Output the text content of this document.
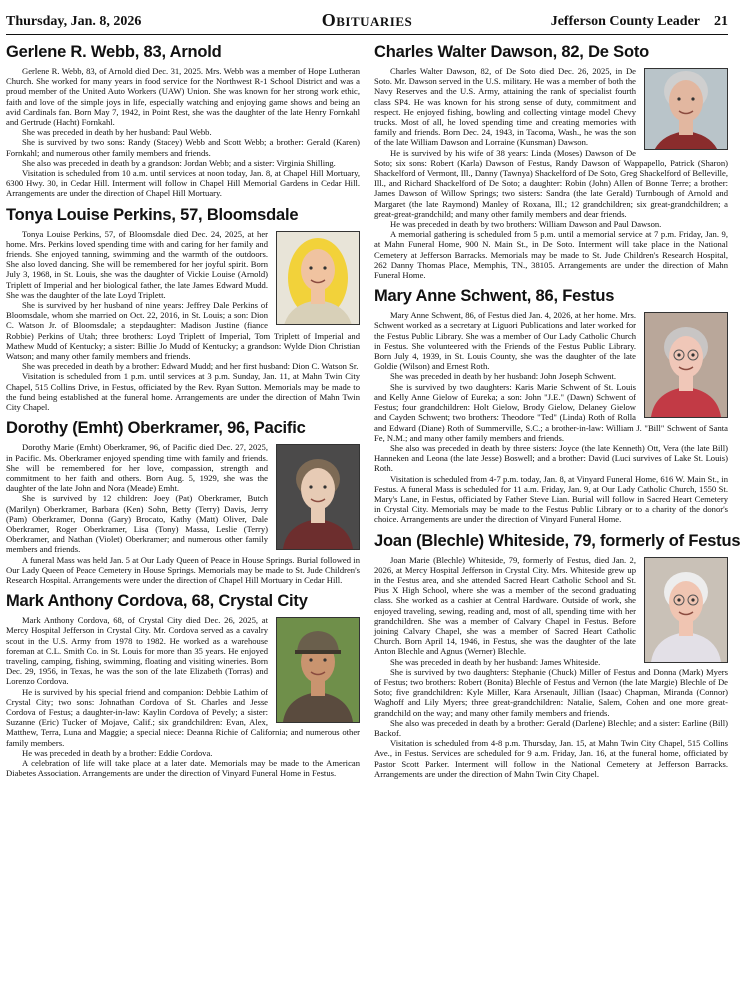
Thursday, Jan. 8, 2026	Obituaries	Jefferson County Leader 21
Gerlene R. Webb, 83, Arnold

Gerlene R. Webb, 83, of Arnold died Dec. 31, 2025. Mrs. Webb was a member of Hope Lutheran Church. She worked for many years in food service for the Northwest R-1 School District and was a proud member of the United Auto Workers (UAW) Union. She was known for her strong work ethic, faith and love of the simple joys in life, especially watching and enjoying game shows and being an avid Cardinals fan. Born May 7, 1942, in Point Rest, she was the daughter of the late Henry Fornkahl and Gertrude (Hacht) Fornkahl.

She was preceded in death by her husband: Paul Webb.

She is survived by two sons: Randy (Stacey) Webb and Scott Webb; a brother: Gerald (Karen) Fornkahl; and numerous other family members and friends.

She also was preceded in death by a grandson: Jordan Webb; and a sister: Virginia Shilling.

Visitation is scheduled from 10 a.m. until services at noon today, Jan. 8, at Chapel Hill Mortuary, 6300 Hwy. 30, in Cedar Hill. Interment will follow in Chapel Hill Memorial Gardens in Cedar Hill. Arrangements are under the direction of Chapel Hill Mortuary.

Tonya Louise Perkins, 57, Bloomsdale

Tonya Louise Perkins, 57, of Bloomsdale died Dec. 24, 2025, at her home. Mrs. Perkins loved spending time with and caring for her family and friends. She enjoyed tanning, swimming and the warmth of the outdoors. She also loved dancing. She will be remembered for her joyful spirit. Born July 3, 1968, in St. Louis, she was the daughter of Vickie Louise (Arnold) Triplett of Imperial and her biological father, the late James Edward Mudd. She was the daughter of the late Loyd Triplett.

She is survived by her husband of nine years: Jeffrey Dale Perkins of Bloomsdale, whom she married on Oct. 22, 2016, in St. Louis; a son: Dion C. Watson Jr. of Bloomsdale; a stepdaughter: Madison Justine (fiance Robbie) Perkins of Utah; three brothers: Loyd Triplett of Imperial, Tom Triplett of Imperial and Mathew Mudd of Kentucky; a sister: Billie Jo Mudd of Kentucky; a grandson: Wylde Dion Christian Watson; and many other family members and friends.

She was preceded in death by a brother: Edward Mudd; and her first husband: Dion C. Watson Sr.

Visitation is scheduled from 1 p.m. until services at 3 p.m. Sunday, Jan. 11, at Mahn Twin City Chapel, 515 Collins Drive, in Festus, officiated by the Rev. Ryan Sutton. Memorials may be made to the fund being established at the funeral home. Arrangements are under the direction of Mahn Twin City Chapel.

Dorothy (Emht) Oberkramer, 96, Pacific

Dorothy Marie (Emht) Oberkramer, 96, of Pacific died Dec. 27, 2025, in Pacific. Ms. Oberkramer enjoyed spending time with family and friends. She will be remembered for her love, compassion, strength and commitment to her faith and others. Born Aug. 5, 1929, she was the daughter of the late John and Nora (Meade) Emht.

She is survived by 12 children: Joey (Pat) Oberkramer, Butch (Marilyn) Oberkramer, Barbara (Ken) Sohn, Betty (Terry) Davis, Jerry (Pam) Oberkramer, Donna (Gary) Brocato, Kathy (Matt) Oliver, Dale Oberkramer, Roger Oberkramer, Lisa (Tony) Massa, Leslie (Terry) Oberkramer, and Nathan (Violet) Oberkramer; and numerous other family members and friends.

A funeral Mass was held Jan. 5 at Our Lady Queen of Peace in House Springs. Burial followed in Our Lady Queen of Peace Cemetery in House Springs. Memorials may be made to St. Jude Children's Research Hospital. Arrangements were under the direction of Chapel Hill Mortuary in Cedar Hill.

Mark Anthony Cordova, 68, Crystal City

Mark Anthony Cordova, 68, of Crystal City died Dec. 26, 2025, at Mercy Hospital Jefferson in Crystal City. Mr. Cordova served as a cavalry scout in the U.S. Army from 1978 to 1982. He worked as a warehouse foreman at C.L. Smith Co. in St. Louis for more than 35 years. He enjoyed traveling, camping, fishing, swimming, floating and visiting wineries. Born Dec. 29, 1956, in Texas, he was the son of the late Elizabeth (Torras) and Lorenzo Cordova.

He is survived by his special friend and companion: Debbie Lathim of Crystal City; two sons: Johnathan Cordova of St. Charles and Jesse Cordova of Festus; a daughter-in-law: Kaylin Cordova of Pevely; a sister: Suzanne (Eric) Tucker of Mojave, Calif.; six grandchildren: Evan, Alex, Matthew, Terra, Luna and Maggie; a special niece: Deanna Richie of California; and numerous other family members.

He was preceded in death by a brother: Eddie Cordova.

A celebration of life will take place at a later date. Memorials may be made to the American Diabetes Association. Arrangements are under the direction of Vinyard Funeral Home in Festus.

Charles Walter Dawson, 82, De Soto

Charles Walter Dawson, 82, of De Soto died Dec. 26, 2025, in De Soto. Mr. Dawson served in the U.S. military. He was a member of both the Navy Reserves and the U.S. Army, attaining the rank of specialist fourth class SP4. He was known for his strong sense of duty, commitment and respect. He enjoyed fishing, bowling and collecting vintage model Chevy trucks. Most of all, he loved spending time and creating memories with family and friends. Born Dec. 24, 1943, in Tacoma, Wash., he was the son of the late William Dawson and Lorraine (Kunsman) Dawson.

He is survived by his wife of 38 years: Linda (Moses) Dawson of De Soto; six sons: Robert (Karla) Dawson of Festus, Randy Dawson of Wappapello, Patrick (Sharon) Shackelford of Vermont, Ill., Danny (Tawnya) Shackelford of De Soto, Greg Shackelford of Belleville, Ill., and Richard Shackelford of De Soto; a daughter: Robin (John) Allen of Bonne Terre; a brother: James Dawson of Willow Springs; two sisters: Sandra (the late Gerald) Turnbough of Arnold and Margaret (the late Raymond) Manley of Roxana, Ill.; 12 grandchildren; six great-grandchildren; a great-great-grandchild; and many other family members and dear friends.

He was preceded in death by two brothers: William Dawson and Paul Dawson.

A memorial gathering is scheduled from 5 p.m. until a memorial service at 7 p.m. Friday, Jan. 9, at Mahn Funeral Home, 900 N. Main St., in De Soto. Interment will take place in the National Cemetery at Jefferson Barracks. Memorials may be made to St. Jude Children's Research Hospital, 262 Danny Thomas Place, Memphis, TN., 38105. Arrangements are under the direction of Mahn Funeral Home.

Mary Anne Schwent, 86, Festus

Mary Anne Schwent, 86, of Festus died Jan. 4, 2026, at her home. Mrs. Schwent worked as a secretary at Liguori Publications and later worked for the Festus Public Library. She was a member of Our Lady Catholic Church in Festus. She volunteered with the Friends of the Festus Public Library. Born July 4, 1939, in St. Louis County, she was the daughter of the late Goldie (Wilson) and Ernest Roth.

She was preceded in death by her husband: John Joseph Schwent.

She is survived by two daughters: Karis Marie Schwent of St. Louis and Kelly Anne Gielow of Eureka; a son: John "J.E." (Dawn) Schwent of Festus; four grandchildren: Holt Gielow, Brody Gielow, Delaney Gielow and Cayden Schwent; two brothers: Theodore "Ted" (Linda) Roth of Rolla and Edward (Diane) Roth of Summerville, S.C.; a brother-in-law: William J. "Bill" Schwent of Santa Fe, N.M.; and many other family members and friends.

She also was preceded in death by three sisters: Joyce (the late Kenneth) Ott, Vera (the late Bill) Hanneken and Leona (the late Jesse) Boswell; and a brother: David (Luci survives of Lake St. Louis) Roth.

Visitation is scheduled from 4-7 p.m. today, Jan. 8, at Vinyard Funeral Home, 616 W. Main St., in Festus. A funeral Mass is scheduled for 11 a.m. Friday, Jan. 9, at Our Lady Catholic Church, 1550 St. Mary's Lane, in Festus, officiated by Father Steve Lian. Burial will follow in Sacred Heart Cemetery in Crystal City. Memorials may be made to the Festus Public Library or to a charity of the donor's choice. Arrangements are under the direction of Vinyard Funeral Home.

Joan (Blechle) Whiteside, 79, formerly of Festus

Joan Marie (Blechle) Whiteside, 79, formerly of Festus, died Jan. 2, 2026, at Mercy Hospital Jefferson in Crystal City. Mrs. Whiteside grew up in the Festus area, and she attended Sacred Heart Catholic School and St. Pius X High School, where she was a member of the second graduating class. She worked as a cashier at Central Hardware. Outside of work, she enjoyed traveling, sewing, reading and, most of all, spending time with her grandchildren. She was a member of Calvary Chapel in Festus. Before joining Calvary Chapel, she was a member of Sacred Heart Catholic Church. Born April 14, 1946, in Festus, she was the daughter of the late Anton Blechle and Agnus (Werner) Blechle.

She was preceded in death by her husband: James Whiteside.

She is survived by two daughters: Stephanie (Chuck) Miller of Festus and Donna (Mark) Myers of Festus; two brothers: Robert (Bonita) Blechle of Festus and Vernon (the late Margie) Blechle of De Soto; five grandchildren: Kyle Miller, Kara Arsenault, Jillian (Isaac) Chapman, Miranda (Connor) Waghoff and Lily Myers; three great-grandchildren: Natalie, Salem, Cohen and one more great-grandchild on the way; and many other family members and friends.

She also was preceded in death by a brother: Gerald (Darlene) Blechle; and a sister: Earline (Bill) Backof.

Visitation is scheduled from 4-8 p.m. Thursday, Jan. 15, at Mahn Twin City Chapel, 515 Collins Ave., in Festus. Services are scheduled for 9 a.m. Friday, Jan. 16, at the funeral home, officiated by Pastor Scott Parker. Interment will follow in the National Cemetery at Jefferson Barracks. Arrangements are under the direction of Mahn Twin City Chapel.
